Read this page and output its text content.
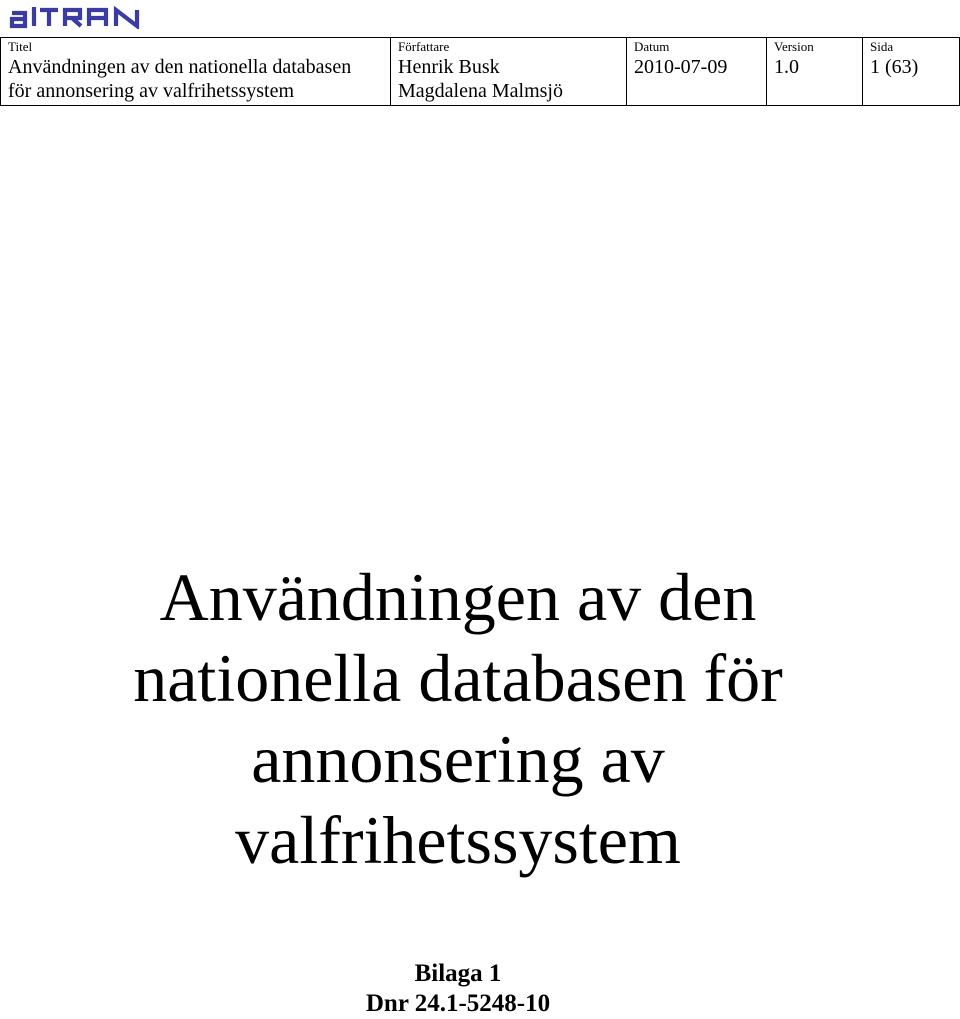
altran
Titel
Användningen av den nationella databasen
för annonsering av valfrihetssystem

Författare
Henrik Busk
Magdalena Malmsjö

Datum
2010-07-09

Version
1.0

Sida
1 (63)
Användningen av den
nationella databasen för
annonsering av
valfrihetssystem
Bilaga 1
Dnr 24.1-5248-10
